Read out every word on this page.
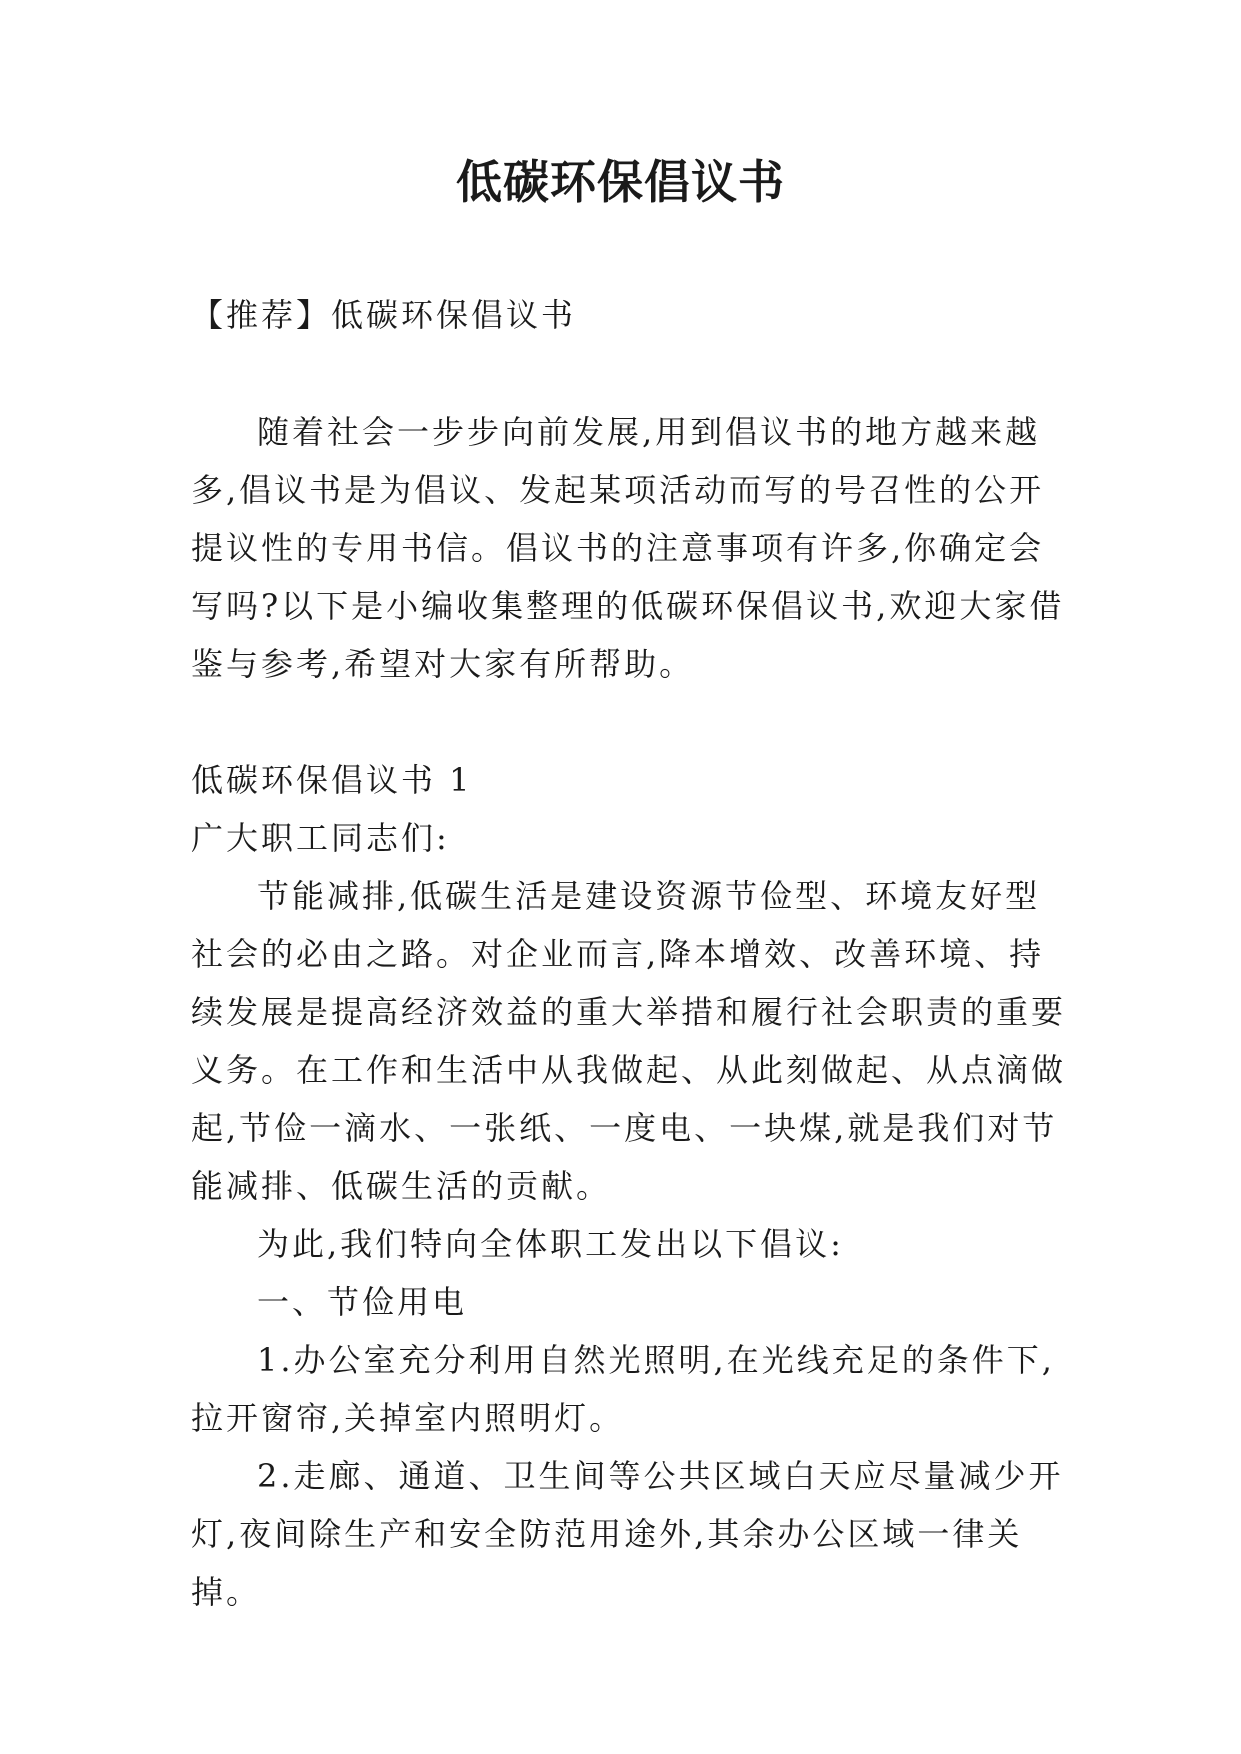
低碳环保倡议书

【推荐】低碳环保倡议书

随着社会一步步向前发展,用到倡议书的地方越来越多,倡议书是为倡议、发起某项活动而写的号召性的公开提议性的专用书信。倡议书的注意事项有许多,你确定会写吗?以下是小编收集整理的低碳环保倡议书,欢迎大家借鉴与参考,希望对大家有所帮助。

低碳环保倡议书 1

广大职工同志们:

节能减排,低碳生活是建设资源节俭型、环境友好型社会的必由之路。对企业而言,降本增效、改善环境、持续发展是提高经济效益的重大举措和履行社会职责的重要义务。在工作和生活中从我做起、从此刻做起、从点滴做起,节俭一滴水、一张纸、一度电、一块煤,就是我们对节能减排、低碳生活的贡献。

为此,我们特向全体职工发出以下倡议:

一、节俭用电

1.办公室充分利用自然光照明,在光线充足的条件下,拉开窗帘,关掉室内照明灯。

2.走廊、通道、卫生间等公共区域白天应尽量减少开灯,夜间除生产和安全防范用途外,其余办公区域一律关掉。
